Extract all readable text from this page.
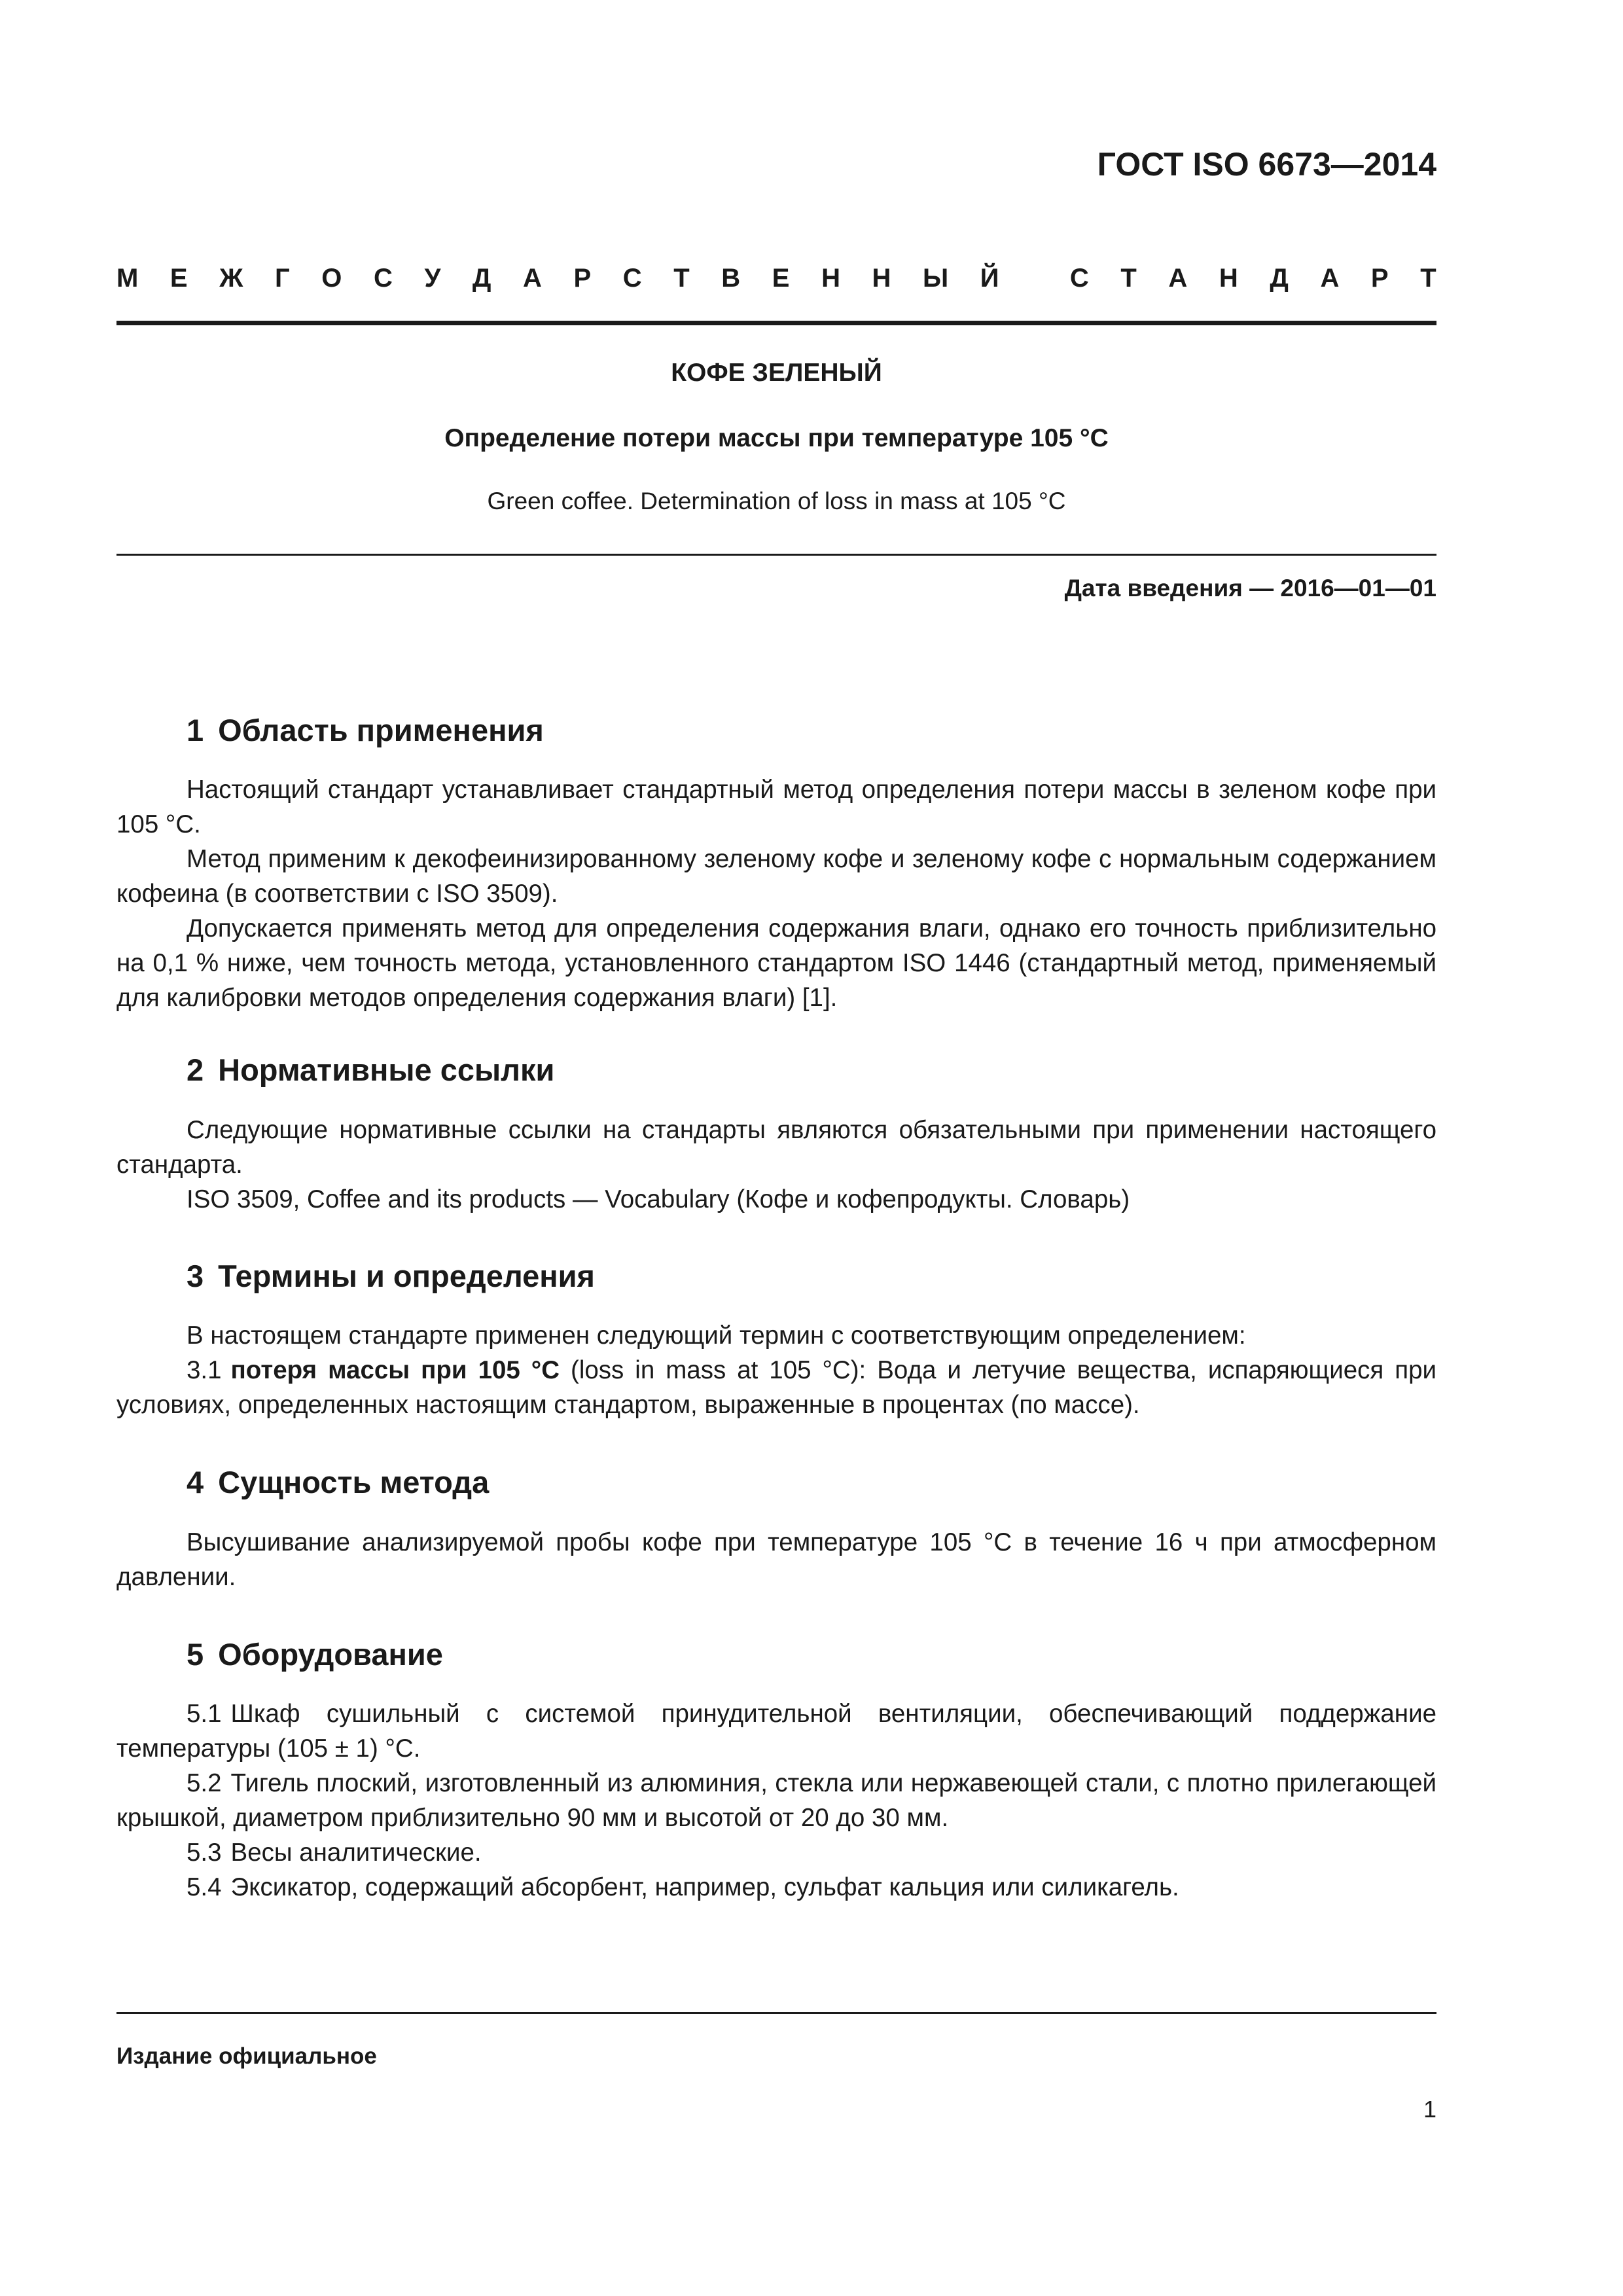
ГОСТ ISO 6673—2014
М Е Ж Г О С У Д А Р С Т В Е Н Н Ы Й
	С Т А Н Д А Р Т
КОФЕ ЗЕЛЕНЫЙ
Определение потери массы при температуре 105 °С
Green coffee. Determination of loss in mass at 105 °C
Дата введения — 2016—01—01
1 Область применения

Настоящий стандарт устанавливает стандартный метод определения потери массы в зеленом кофе при 105 °С.

Метод применим к декофеинизированному зеленому кофе и зеленому кофе с нормальным содержанием кофеина (в соответствии с ISO 3509).

Допускается применять метод для определения содержания влаги, однако его точность приблизительно на 0,1 % ниже, чем точность метода, установленного стандартом ISO 1446 (стандартный метод, применяемый для калибровки методов определения содержания влаги) [1].

2 Нормативные ссылки

Следующие нормативные ссылки на стандарты являются обязательными при применении настоящего стандарта.

ISO 3509, Coffee and its products — Vocabulary (Кофе и кофепродукты. Словарь)

3 Термины и определения

В настоящем стандарте применен следующий термин с соответствующим определением:

3.1 потеря массы при 105 °С (loss in mass at 105 °C): Вода и летучие вещества, испаряющиеся при условиях, определенных настоящим стандартом, выраженные в процентах (по массе).

4 Сущность метода

Высушивание анализируемой пробы кофе при температуре 105 °С в течение 16 ч при атмосферном давлении.

5 Оборудование

5.1 Шкаф сушильный с системой принудительной вентиляции, обеспечивающий поддержание температуры (105 ± 1) °С.

5.2 Тигель плоский, изготовленный из алюминия, стекла или нержавеющей стали, с плотно прилегающей крышкой, диаметром приблизительно 90 мм и высотой от 20 до 30 мм.

5.3 Весы аналитические.

5.4 Эксикатор, содержащий абсорбент, например, сульфат кальция или силикагель.

Издание официальное
1
